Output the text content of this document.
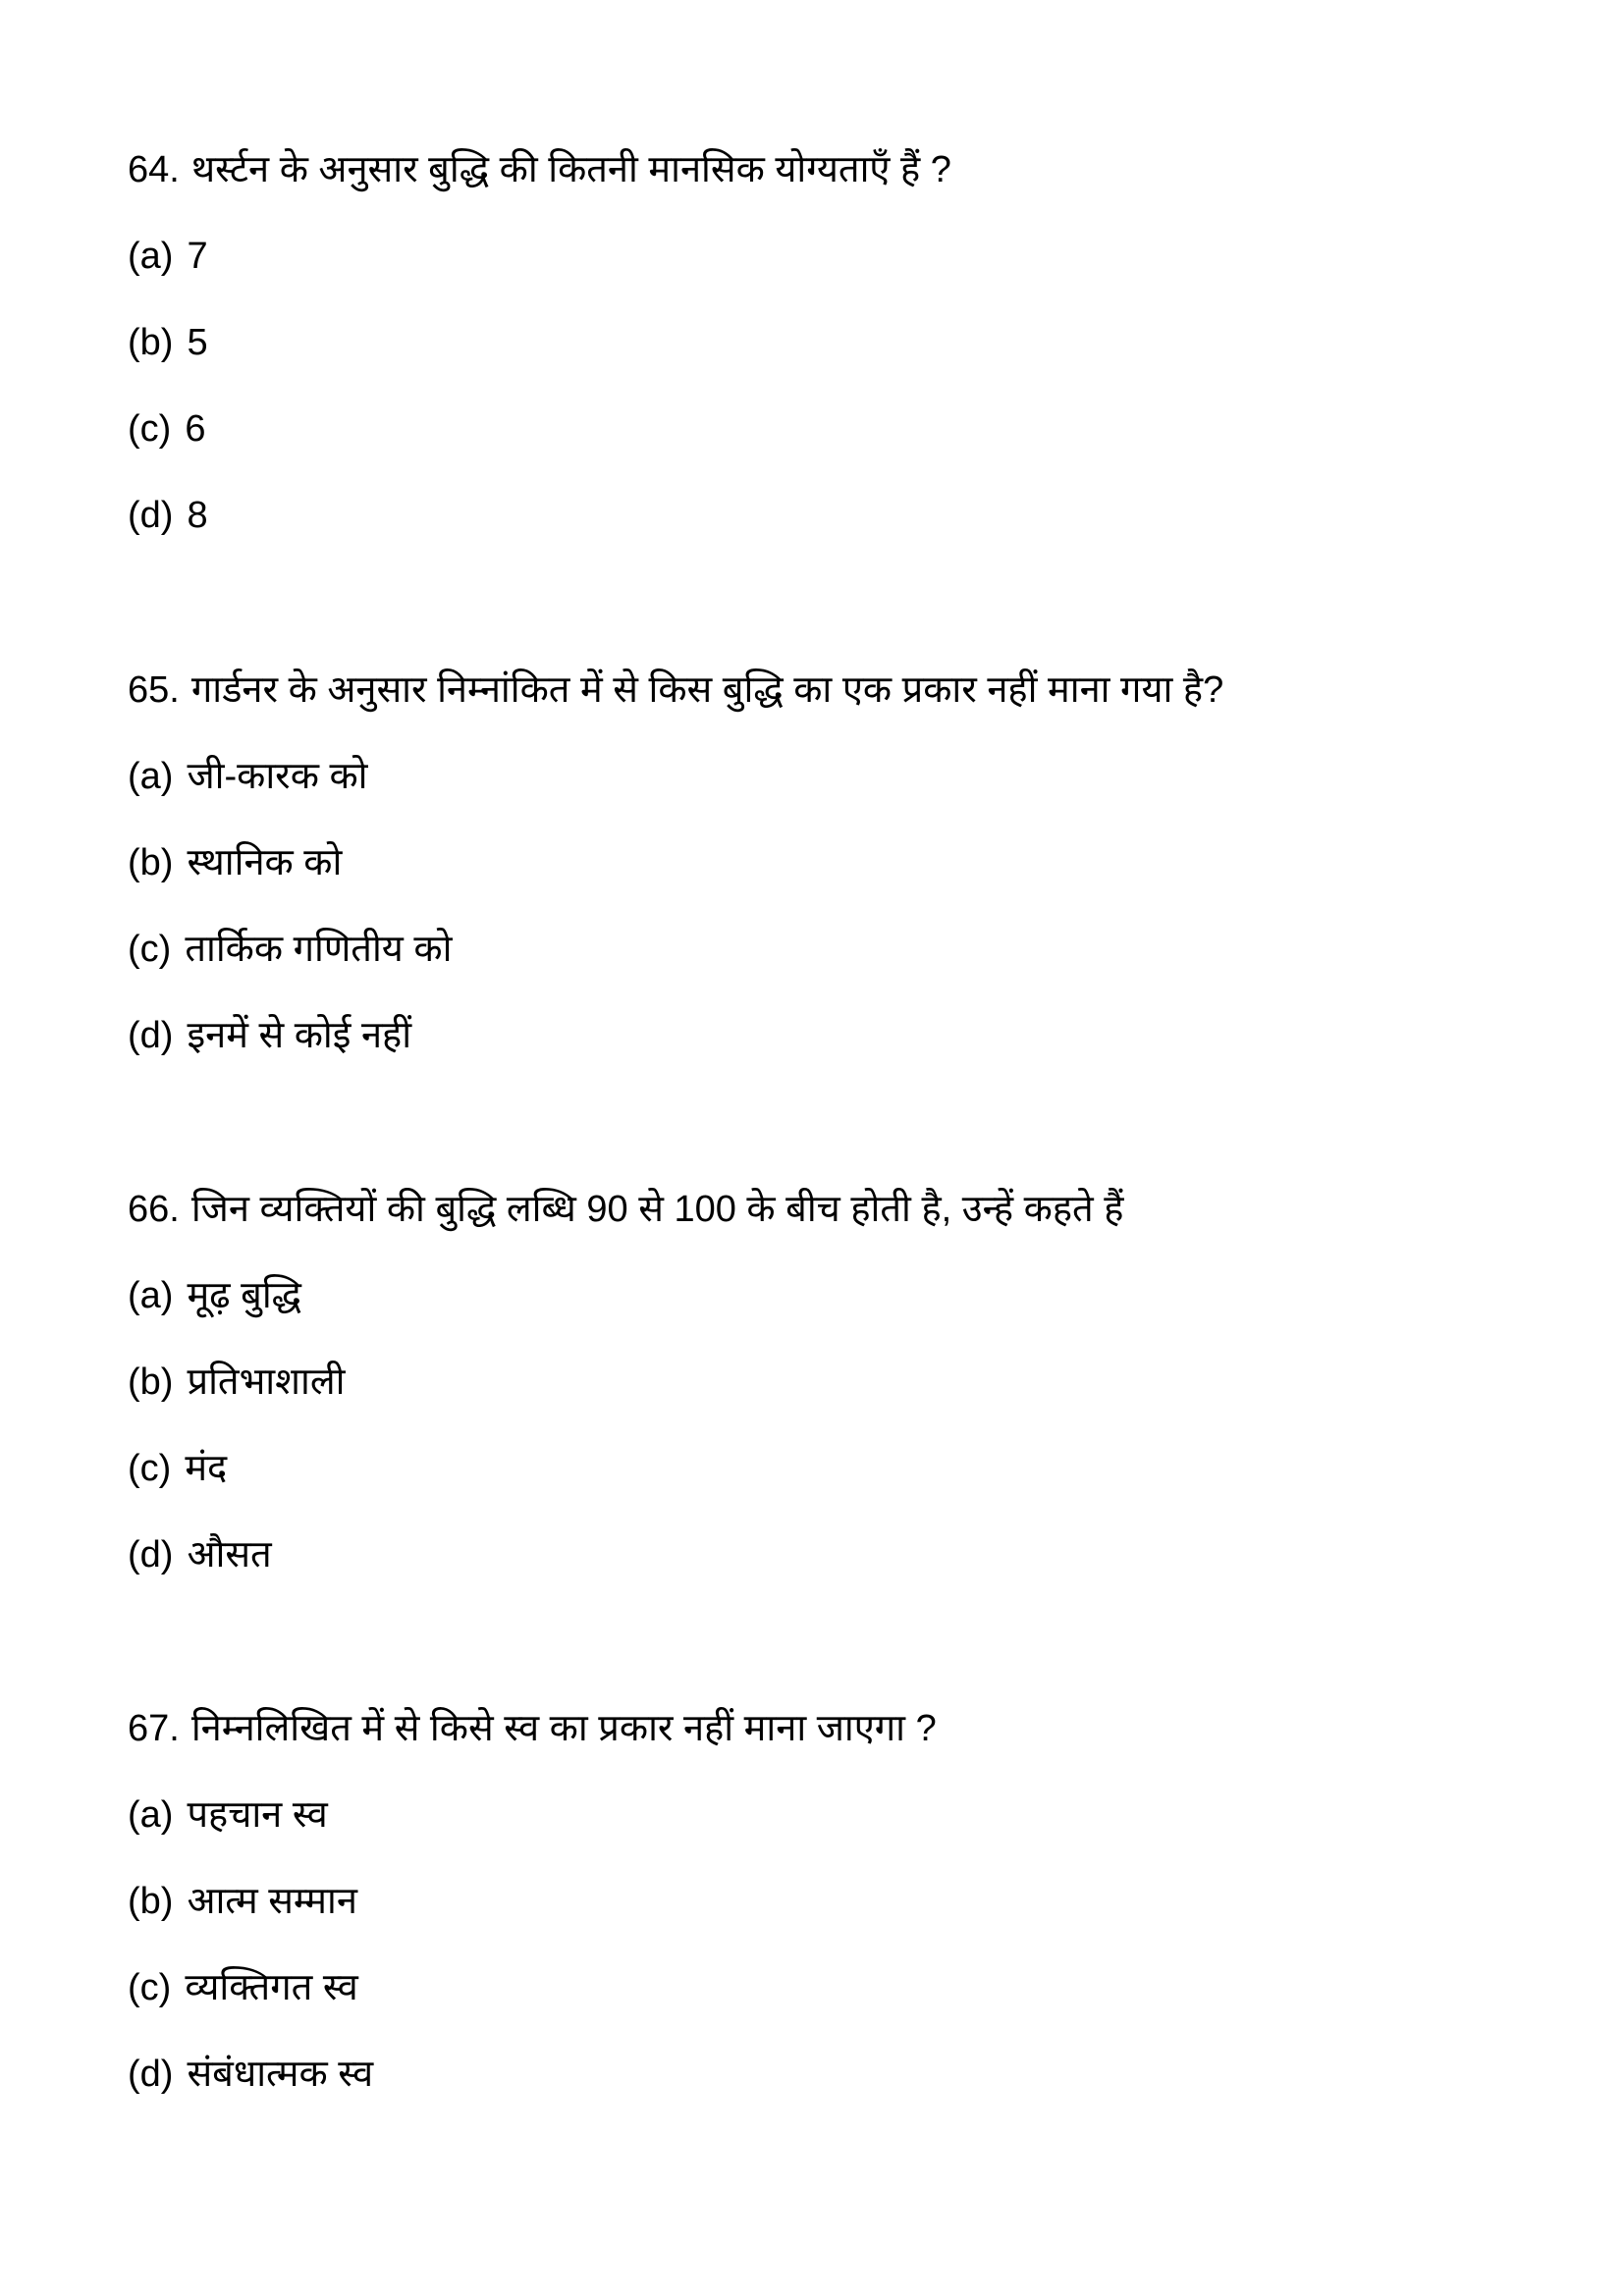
64. थर्स्टन के अनुसार बुद्धि की कितनी मानसिक योग्यताएँ हैं ?
(a) 7
(b) 5
(c) 6
(d) 8
65. गार्डनर के अनुसार निम्नांकित में से किस बुद्धि का एक प्रकार नहीं माना गया है?
(a) जी-कारक को
(b) स्थानिक को
(c) तार्किक गणितीय को
(d) इनमें से कोई नहीं
66. जिन व्यक्तियों की बुद्धि लब्धि 90 से 100 के बीच होती है, उन्हें कहते हैं
(a) मूढ़ बुद्धि
(b) प्रतिभाशाली
(c) मंद
(d) औसत
67. निम्नलिखित में से किसे स्व का प्रकार नहीं माना जाएगा ?
(a) पहचान स्व
(b) आत्म सम्मान
(c) व्यक्तिगत स्व
(d) संबंधात्मक स्व
